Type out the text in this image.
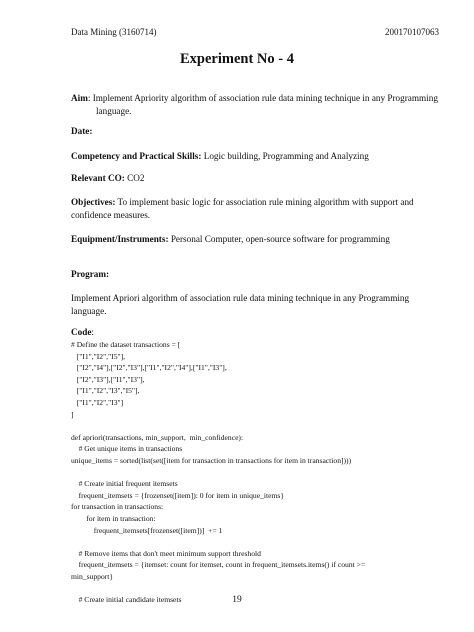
Data Mining (3160714)	200170107063
Experiment No - 4
Aim: Implement Apriority algorithm of association rule data mining technique in any Programming
language.
Date:
Competency and Practical Skills: Logic building, Programming and Analyzing
Relevant CO: CO2
Objectives: To implement basic logic for association rule mining algorithm with support and confidence measures.
Equipment/Instruments: Personal Computer, open-source software for programming
Program:
Implement Apriori algorithm of association rule data mining technique in any Programming language.
Code:
# Define the dataset transactions = [
["I1","I2","I5"],
["I2","I4"],["I2","I3"],["I1","I2","I4"],["I1","I3"],
["I2","I3"],["I1","I3"],
["I1","I2","I3","I5"],
["I1","I2","I3"]
]

def apriori(transactions, min_support,  min_confidence):
# Get unique items in transactions
unique_items = sorted(list(set([item for transaction in transactions for item in transaction])))

# Create initial frequent itemsets
frequent_itemsets = {frozenset([item]): 0 for item in unique_items}
for transaction in transactions:
for item in transaction:
frequent_itemsets[frozenset([item])]  += 1

# Remove items that don't meet minimum support threshold
frequent_itemsets = {itemset: count for itemset, count in frequent_itemsets.items() if count >=
min_support}

# Create initial candidate itemsets	19
